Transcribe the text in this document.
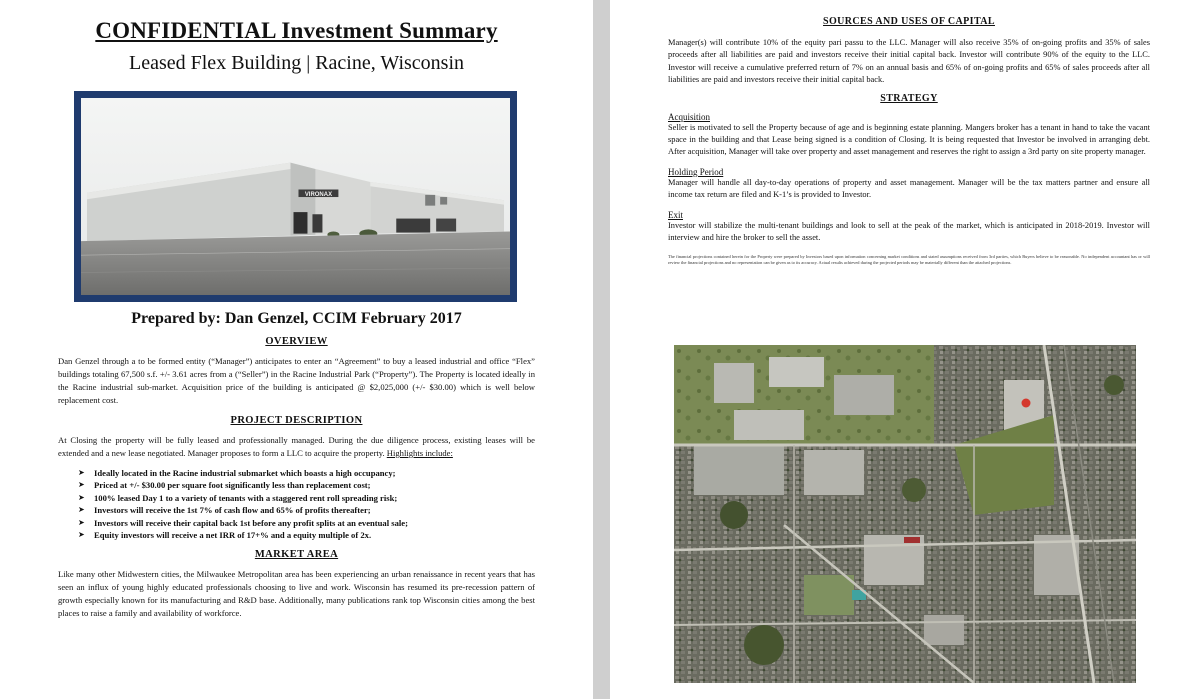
CONFIDENTIAL Investment Summary
Leased Flex Building | Racine, Wisconsin
VIRONAX
Prepared by: Dan Genzel, CCIM February 2017
OVERVIEW
Dan Genzel through a to be formed entity (“Manager”) anticipates to enter an “Agreement” to buy a leased industrial and office “Flex” buildings totaling 67,500 s.f. +/- 3.61 acres from a (“Seller”) in the Racine Industrial Park (“Property”). The Property is located ideally in the Racine industrial sub-market. Acquisition price of the building is anticipated @ $2,025,000 (+/- $30.00) which is well below replacement cost.
PROJECT DESCRIPTION
At Closing the property will be fully leased and professionally managed. During the due diligence process, existing leases will be extended and a new lease negotiated. Manager proposes to form a LLC to acquire the property. Highlights include:
➤ Ideally located in the Racine industrial submarket which boasts a high occupancy;
➤ Priced at +/- $30.00 per square foot significantly less than replacement cost;
➤ 100% leased Day 1 to a variety of tenants with a staggered rent roll spreading risk;
➤ Investors will receive the 1st 7% of cash flow and 65% of profits thereafter;
➤ Investors will receive their capital back 1st before any profit splits at an eventual sale;
➤ Equity investors will receive a net IRR of 17+% and a equity multiple of 2x.
MARKET AREA
Like many other Midwestern cities, the Milwaukee Metropolitan area has been experiencing an urban renaissance in recent years that has seen an influx of young highly educated professionals choosing to live and work. Wisconsin has resumed its pre-recession pattern of growth especially known for its manufacturing and R&D base. Additionally, many publications rank top Wisconsin cities among the best places to raise a family and availability of workforce.
SOURCES AND USES OF CAPITAL
Manager(s) will contribute 10% of the equity pari passu to the LLC. Manager will also receive 35% of on-going profits and 35% of sales proceeds after all liabilities are paid and investors receive their initial capital back. Investor will contribute 90% of the equity to the LLC. Investor will receive a cumulative preferred return of 7% on an annual basis and 65% of on-going profits and 65% of sales proceeds after all liabilities are paid and investors receive their initial capital back.
STRATEGY
Acquisition
Seller is motivated to sell the Property because of age and is beginning estate planning. Mangers broker has a tenant in hand to take the vacant space in the building and that Lease being signed is a condition of Closing. It is being requested that Investor be involved in arranging debt. After acquisition, Manager will take over property and asset management and reserves the right to assign a 3rd party on site property manager.
Holding Period
Manager will handle all day-to-day operations of property and asset management. Manager will be the tax matters partner and ensure all income tax return are filed and K-1’s is provided to Investor.
Exit
Investor will stabilize the multi-tenant buildings and look to sell at the peak of the market, which is anticipated in 2018-2019. Investor will interview and hire the broker to sell the asset.
The financial projections contained herein for the Property were prepared by Investors based upon information concerning market conditions and stated assumptions received from 3rd parties, which Buyers believe to be reasonable. No independent accountant has or will review the financial projections and no representation can be given as to its accuracy. Actual results achieved during the projected periods may be materially different than the attached projections.
